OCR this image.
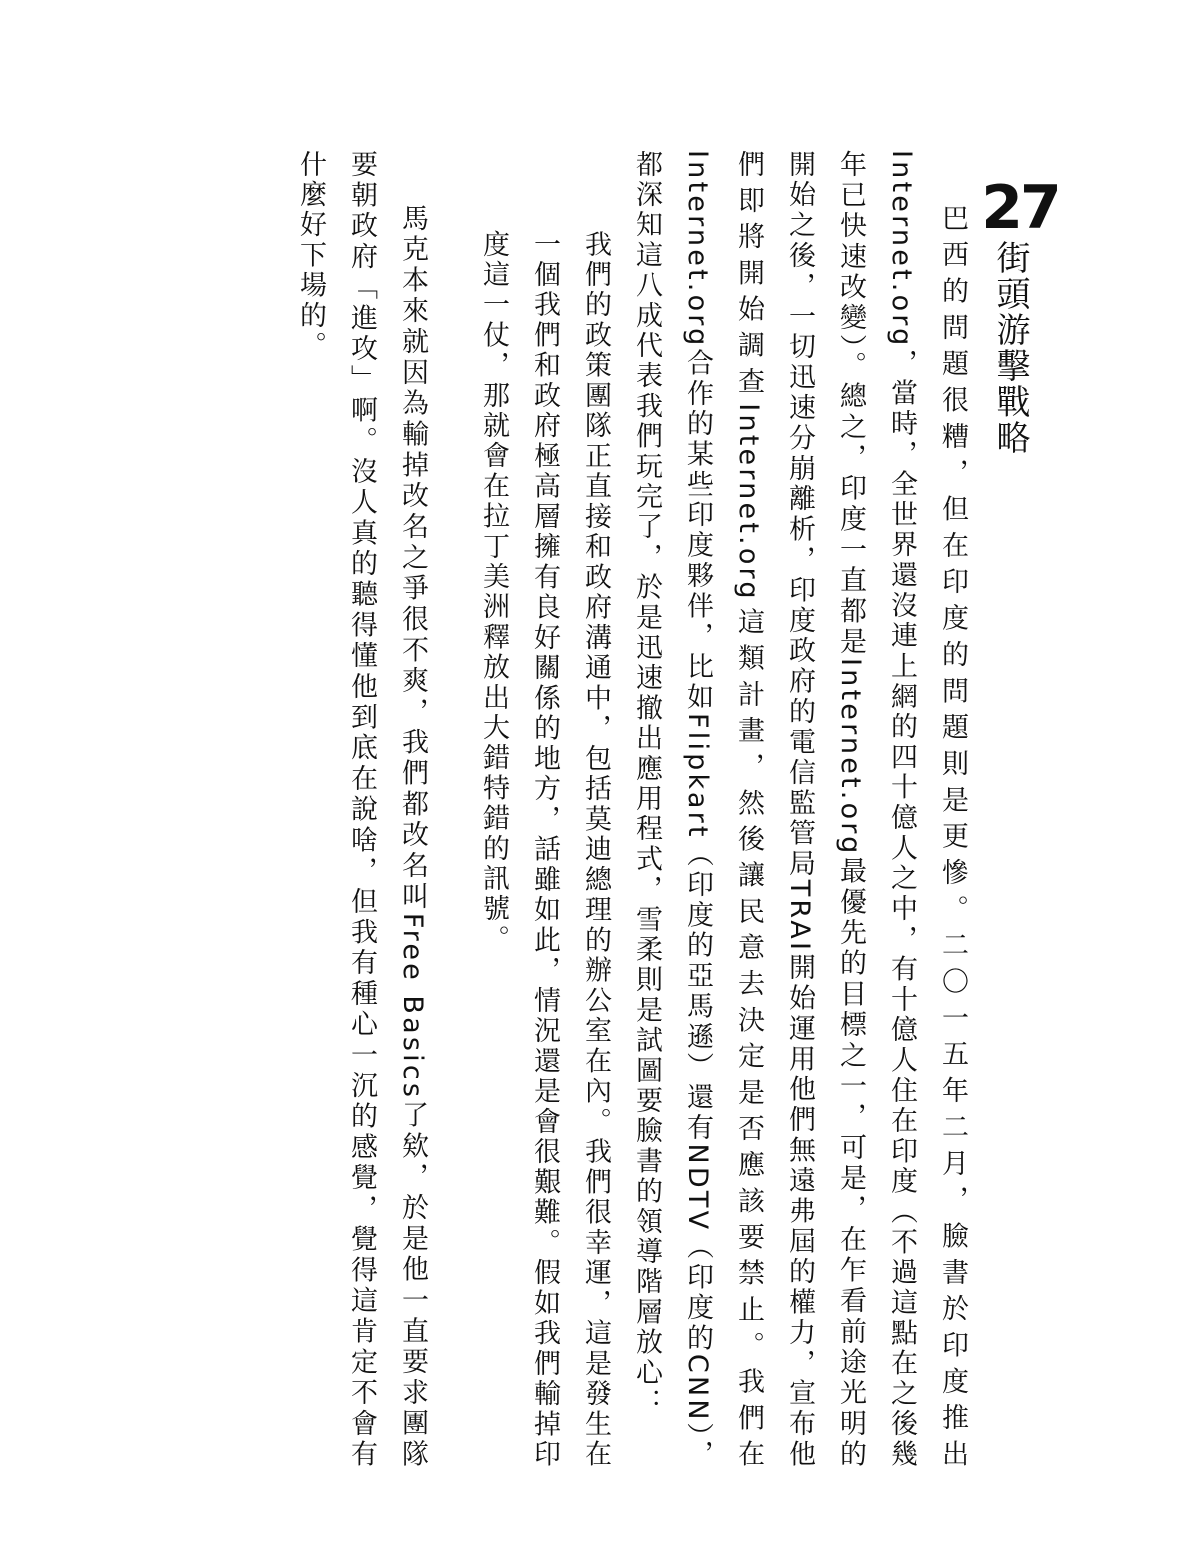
27
街頭游擊戰略

巴西的問題很糟，但在印度的問題則是更慘。二〇一五年二月，臉書於印度推出Internet.org，當時，全世界還沒連上網的四十億人之中，有十億人住在印度（不過這點在之後幾年已快速改變）。總之，印度一直都是Internet.org最優先的目標之一，可是，在乍看前途光明的開始之後，一切迅速分崩離析，印度政府的電信監管局TRAI開始運用他們無遠弗屆的權力，宣布他們即將開始調查Internet.org這類計畫，然後讓民意去決定是否應該要禁止。我們在Internet.org合作的某些印度夥伴，比如Flipkart（印度的亞馬遜）還有NDTV（印度的CNN），都深知這八成代表我們玩完了，於是迅速撤出應用程式，雪柔則是試圖要臉書的領導階層放心：

我們的政策團隊正直接和政府溝通中，包括莫迪總理的辦公室在內。我們很幸運，這是發生在一個我們和政府極高層擁有良好關係的地方，話雖如此，情況還是會很艱難。假如我們輸掉印度這一仗，那就會在拉丁美洲釋放出大錯特錯的訊號。

馬克本來就因為輸掉改名之爭很不爽，我們都改名叫Free Basics了欸，於是他一直要求團隊要朝政府「進攻」啊。沒人真的聽得懂他到底在說啥，但我有種心一沉的感覺，覺得這肯定不會有什麼好下場的。
